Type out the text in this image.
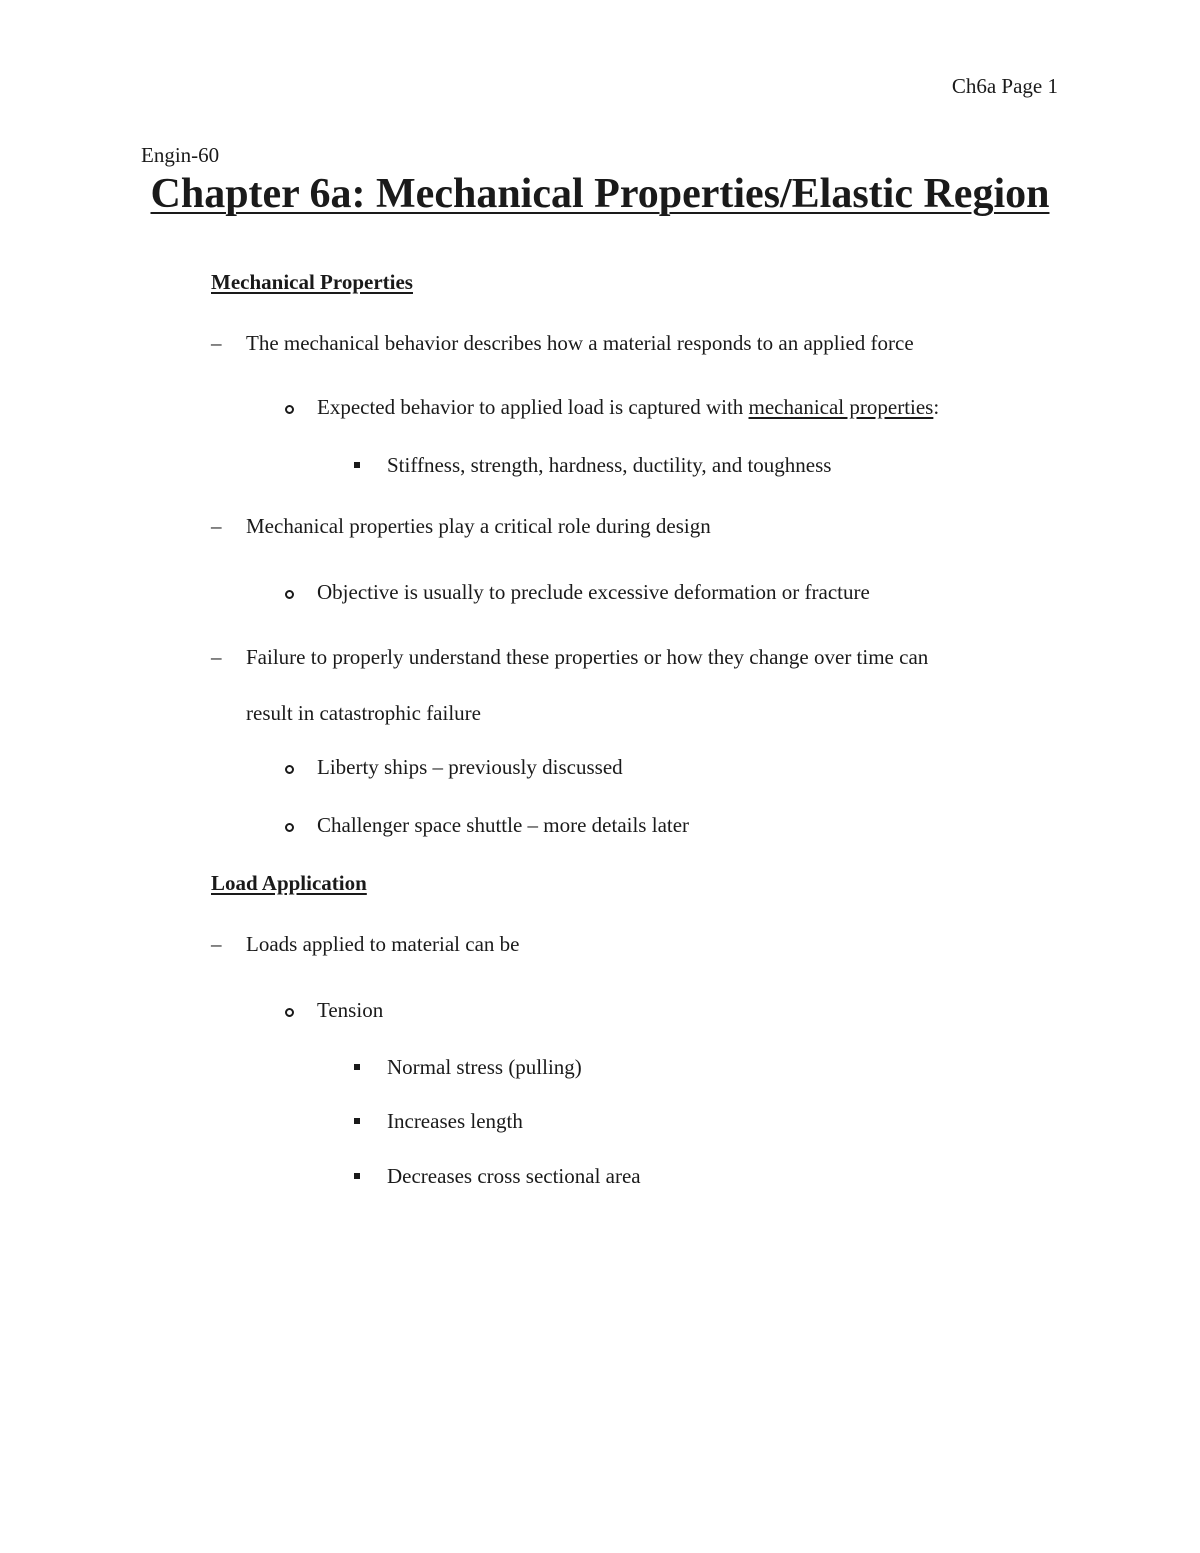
Ch6a Page 1
Engin-60
Chapter 6a: Mechanical Properties/Elastic Region
Mechanical Properties
– The mechanical behavior describes how a material responds to an applied force
Expected behavior to applied load is captured with mechanical properties:
Stiffness, strength, hardness, ductility, and toughness
– Mechanical properties play a critical role during design
Objective is usually to preclude excessive deformation or fracture
– Failure to properly understand these properties or how they change over time can
result in catastrophic failure
Liberty ships – previously discussed
Challenger space shuttle – more details later
Load Application
– Loads applied to material can be
Tension
Normal stress (pulling)
Increases length
Decreases cross sectional area
